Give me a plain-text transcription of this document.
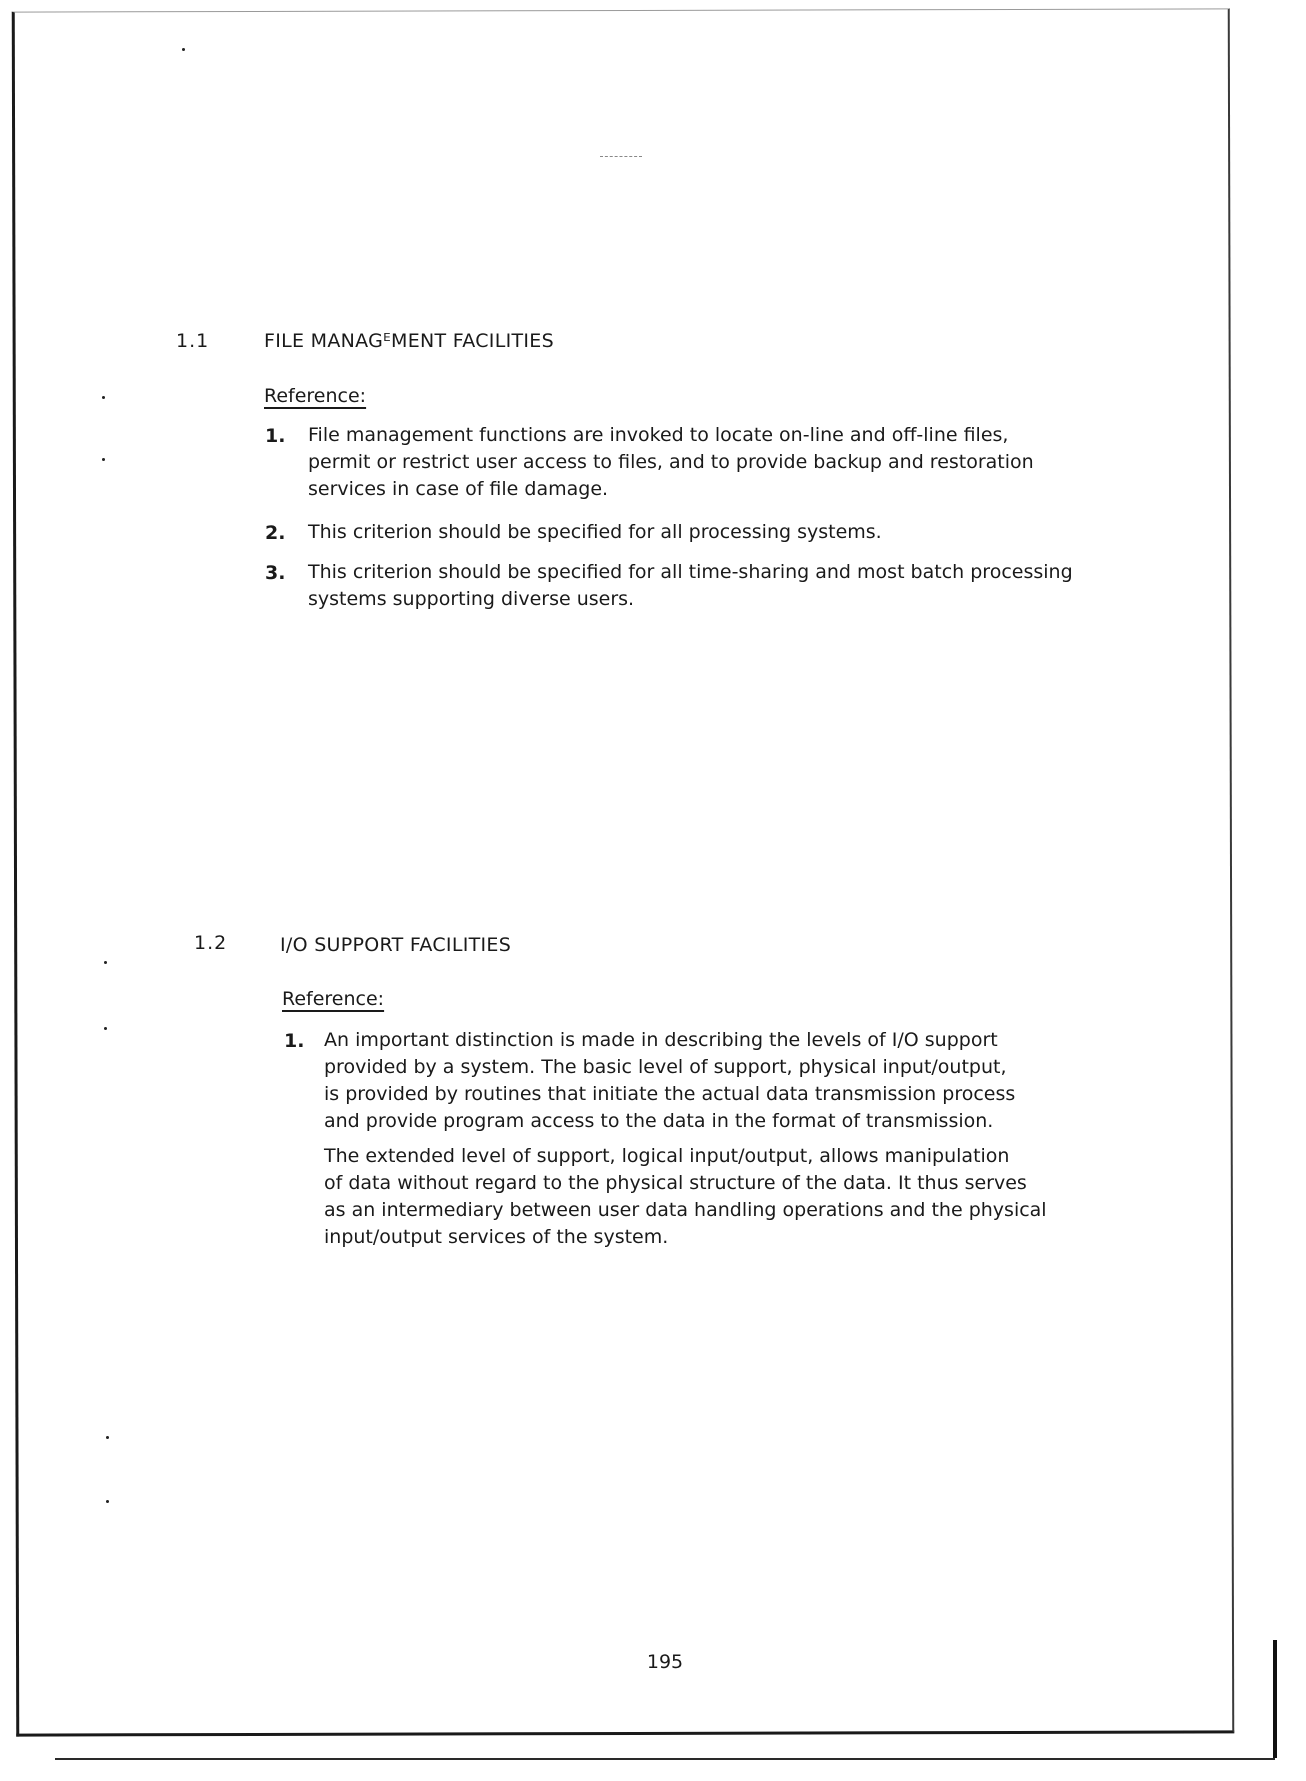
1.1	FILE MANAGᴱMENT FACILITIES
Reference:
1. File management functions are invoked to locate on-line and off-line files,
permit or restrict user access to files, and to provide backup and restoration
services in case of file damage.
2. This criterion should be specified for all processing systems.
3. This criterion should be specified for all time-sharing and most batch processing
systems supporting diverse users.
1.2	I/O SUPPORT FACILITIES
Reference:
1. An important distinction is made in describing the levels of I/O support
provided by a system. The basic level of support, physical input/output,
is provided by routines that initiate the actual data transmission process
and provide program access to the data in the format of transmission.
The extended level of support, logical input/output, allows manipulation
of data without regard to the physical structure of the data. It thus serves
as an intermediary between user data handling operations and the physical
input/output services of the system.
195
